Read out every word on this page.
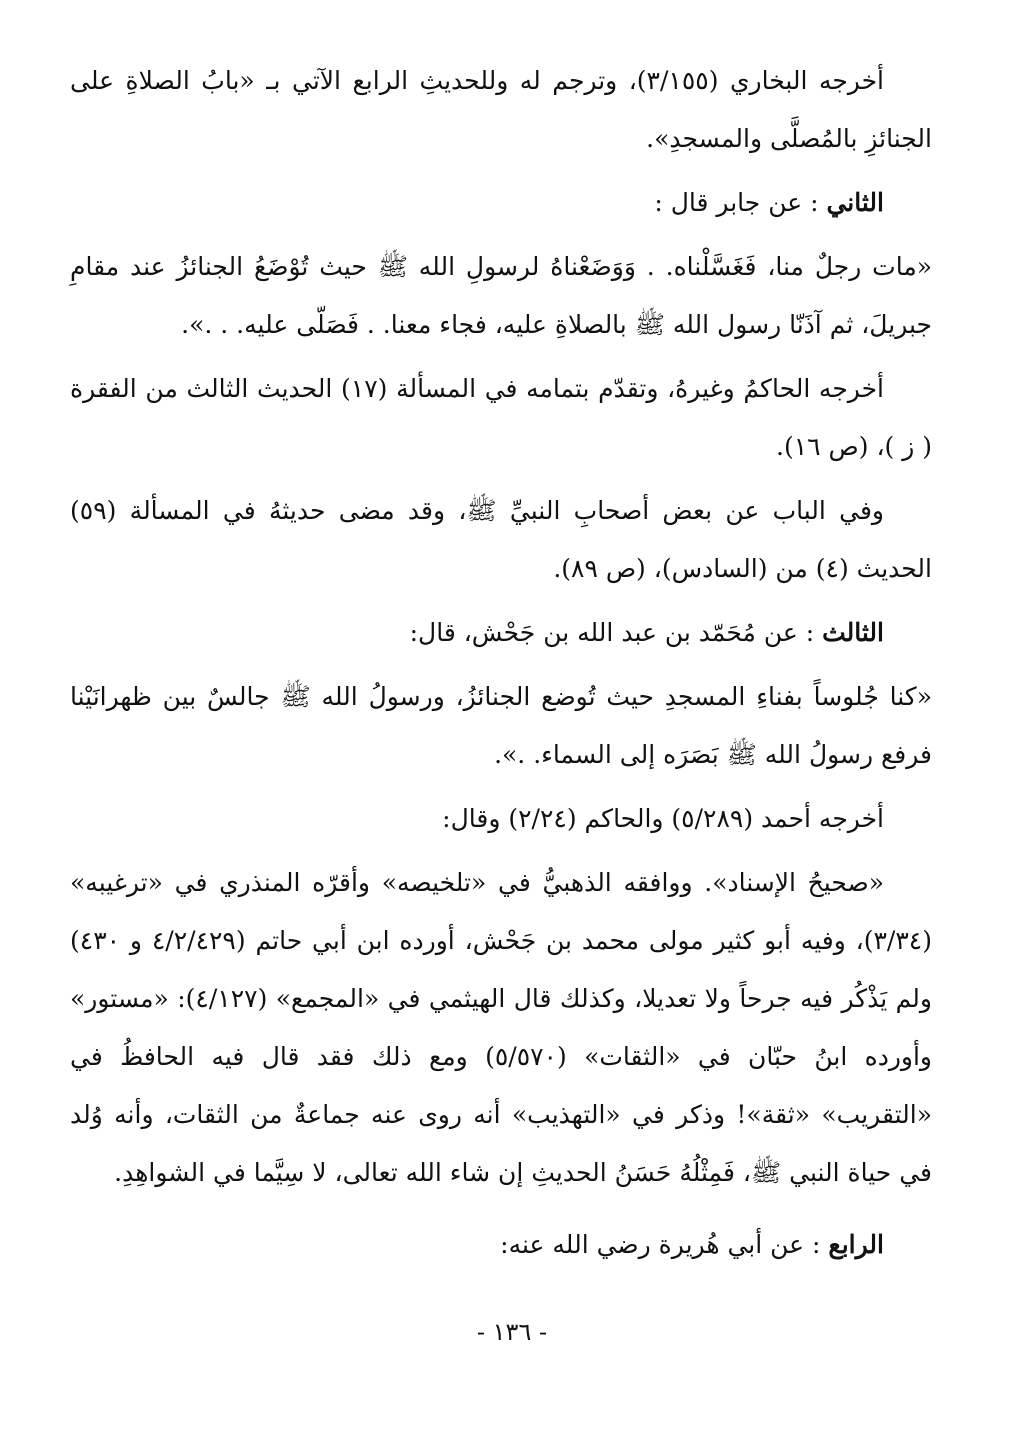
أخرجه البخاري (٣/١٥٥)، وترجم له وللحديثِ الرابع الآتي بـ «بابُ الصلاةِ على الجنائزِ بالمُصلَّى والمسجدِ».

الثاني : عن جابر قال :

«مات رجلٌ منا، فَغَسَّلْناه. . وَوَضَعْناهُ لرسولِ الله ﷺ حيث تُوْضَعُ الجنائزُ عند مقامِ جبريلَ، ثم آذَنّا رسول الله ﷺ بالصلاةِ عليه، فجاء معنا. . فَصَلّى عليه. . .».

أخرجه الحاكمُ وغيرهُ، وتقدّم بتمامه في المسألة (١٧) الحديث الثالث من الفقرة ( ز )، (ص ١٦).

وفي الباب عن بعض أصحابِ النبيِّ ﷺ، وقد مضى حديثهُ في المسألة (٥٩) الحديث (٤) من (السادس)، (ص ٨٩).

الثالث : عن مُحَمّد بن عبد الله بن جَحْش، قال:

«كنا جُلوساً بفناءِ المسجدِ حيث تُوضع الجنائزُ، ورسولُ الله ﷺ جالسٌ بين ظهرانَيْنا فرفع رسولُ الله ﷺ بَصَرَه إلى السماء. .».

أخرجه أحمد (٥/٢٨٩) والحاكم (٢/٢٤) وقال:

«صحيحُ الإسناد». ووافقه الذهبيُّ في «تلخيصه» وأقرّه المنذري في «ترغيبه» (٣/٣٤)، وفيه أبو كثير مولى محمد بن جَحْش، أورده ابن أبي حاتم (٤/٢/٤٢٩ و ٤٣٠) ولم يَذْكُر فيه جرحاً ولا تعديلا، وكذلك قال الهيثمي في «المجمع» (٤/١٢٧): «مستور» وأورده ابنُ حبّان في «الثقات» (٥/٥٧٠) ومع ذلك فقد قال فيه الحافظُ في «التقريب» «ثقة»! وذكر في «التهذيب» أنه روى عنه جماعةٌ من الثقات، وأنه وُلد في حياة النبي ﷺ، فَمِثْلُهُ حَسَنُ الحديثِ إن شاء الله تعالى، لا سِيَّما في الشواهِدِ.

الرابع : عن أبي هُريرة رضي الله عنه:

- ١٣٦ -
